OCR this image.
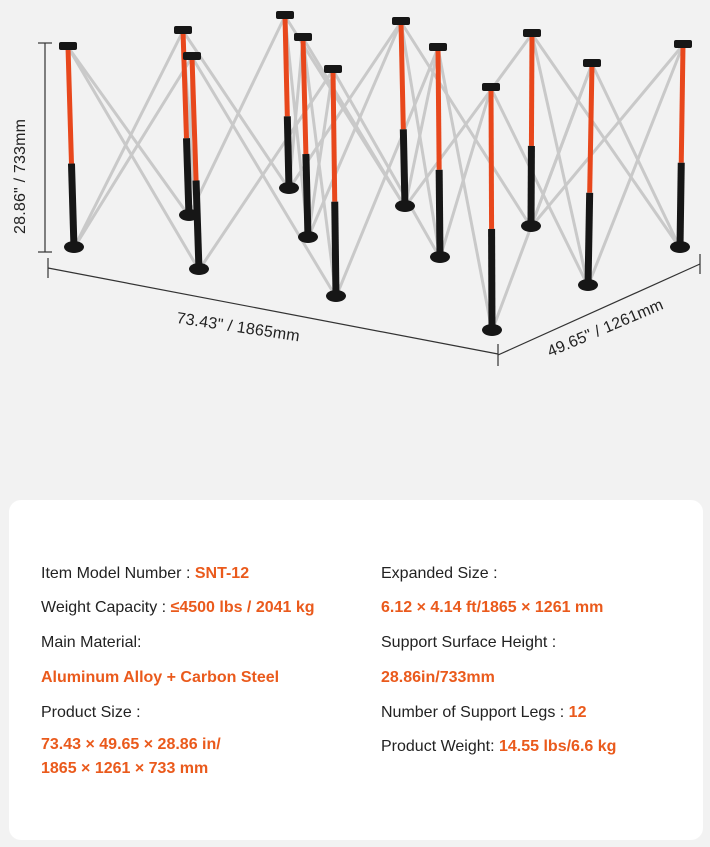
28.86" / 733mm
73.43" / 1865mm	49.65" / 1261mm
Item Model Number : SNT-12
Weight Capacity : ≤4500 lbs / 2041 kg
Main Material:
Aluminum Alloy + Carbon Steel
Product Size :
73.43 × 49.65 × 28.86 in/
1865 × 1261 × 733 mm
Expanded Size :
6.12 × 4.14 ft/1865 × 1261 mm
Support Surface Height :
28.86in/733mm
Number of Support Legs : 12
Product Weight: 14.55 lbs/6.6 kg
